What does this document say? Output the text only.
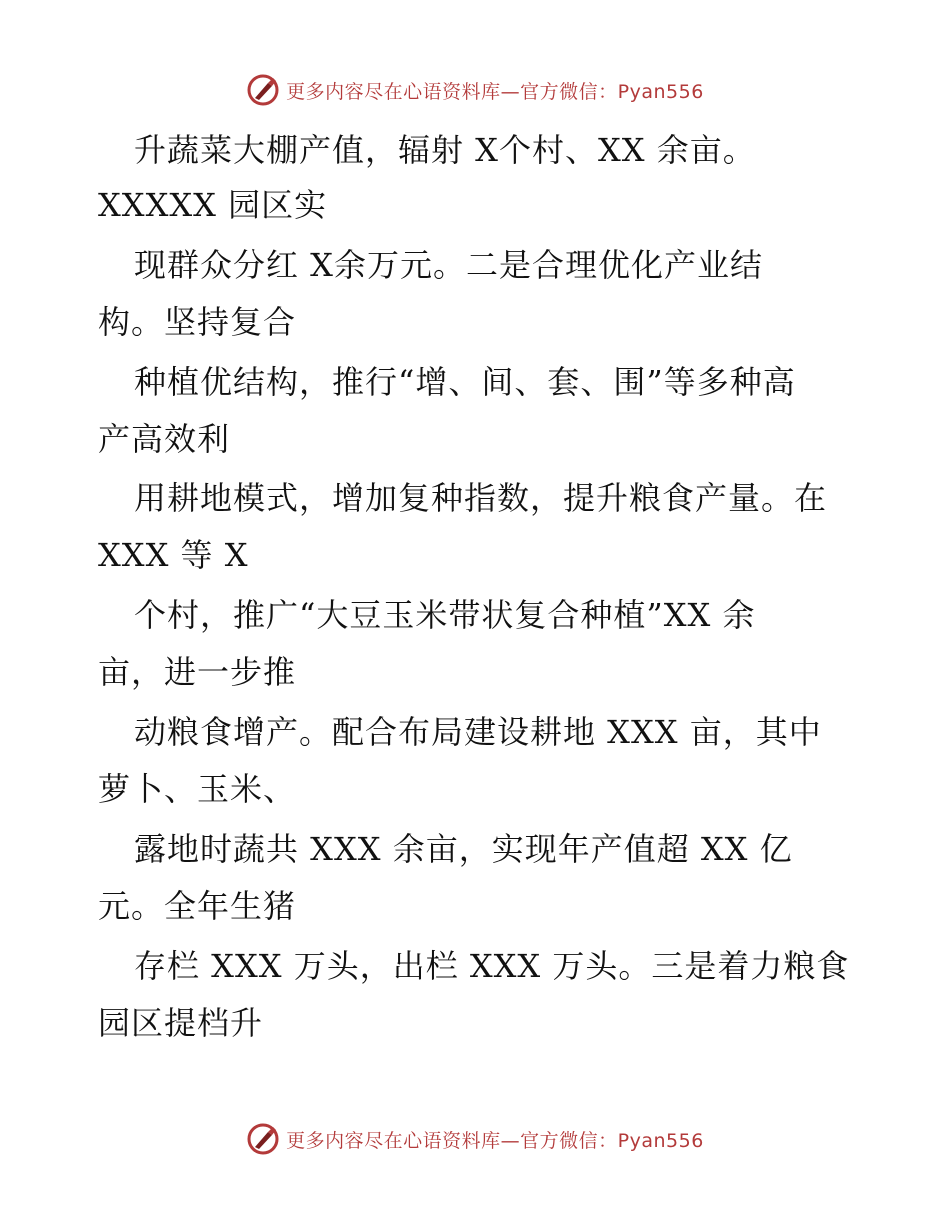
更多内容尽在心语资料库—官方微信：Pyan556
升蔬菜大棚产值，辐射 X个村、XX 余亩。
XXXXX 园区实
现群众分红 X余万元。二是合理优化产业结
构。坚持复合
种植优结构，推行“增、间、套、围”等多种高
产高效利
用耕地模式，增加复种指数，提升粮食产量。在
XXX 等 X
个村，推广“大豆玉米带状复合种植”XX 余
亩，进一步推
动粮食增产。配合布局建设耕地 XXX 亩，其中
萝卜、玉米、
露地时蔬共 XXX 余亩，实现年产值超 XX 亿
元。全年生猪
存栏 XXX 万头，出栏 XXX 万头。三是着力粮食
园区提档升
更多内容尽在心语资料库—官方微信：Pyan556
